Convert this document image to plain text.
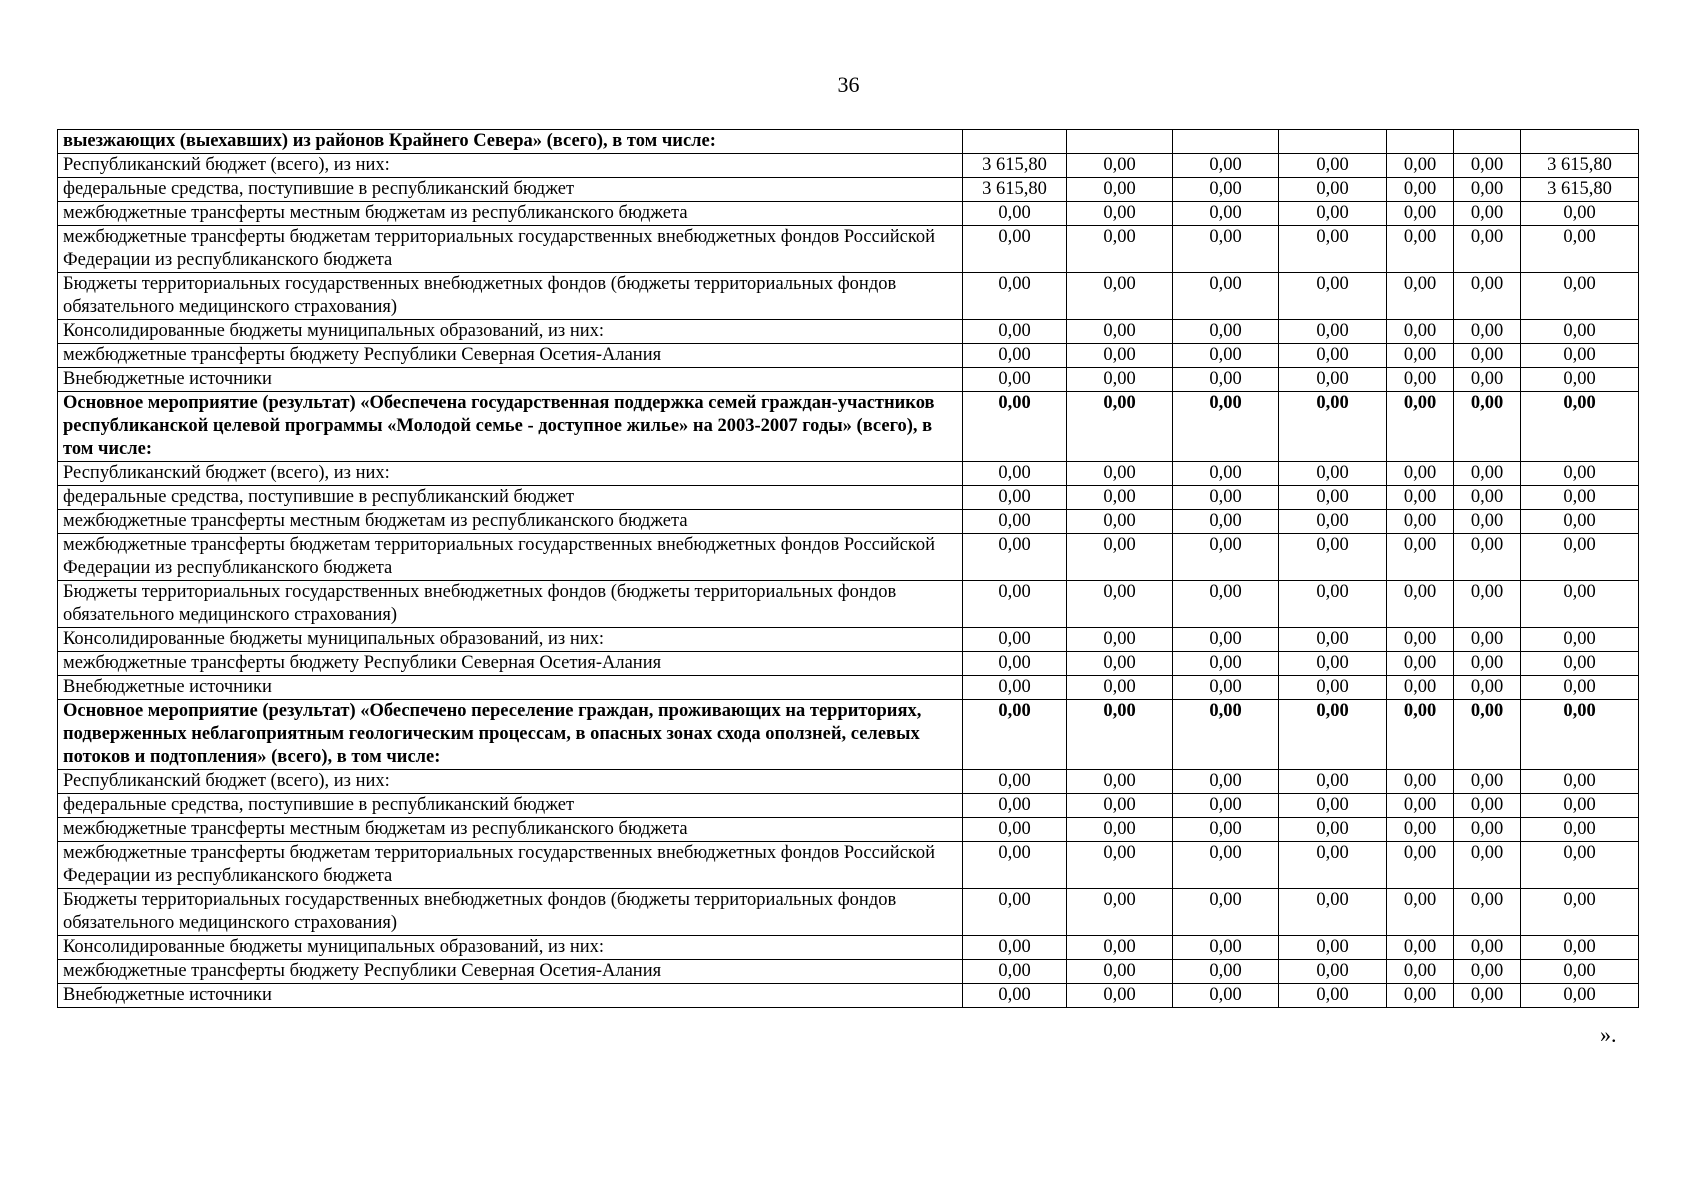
36
выезжающих (выехавших) из районов Крайнего Севера» (всего), в том числе:							
Республиканский бюджет (всего), из них:	3 615,80	0,00	0,00	0,00	0,00	0,00	3 615,80
федеральные средства, поступившие в республиканский бюджет	3 615,80	0,00	0,00	0,00	0,00	0,00	3 615,80
межбюджетные трансферты местным бюджетам из республиканского бюджета	0,00	0,00	0,00	0,00	0,00	0,00	0,00
межбюджетные трансферты бюджетам территориальных государственных внебюджетных фондов Российской Федерации из республиканского бюджета	0,00	0,00	0,00	0,00	0,00	0,00	0,00
Бюджеты территориальных государственных внебюджетных фондов (бюджеты территориальных фондов обязательного медицинского страхования)	0,00	0,00	0,00	0,00	0,00	0,00	0,00
Консолидированные бюджеты муниципальных образований, из них:	0,00	0,00	0,00	0,00	0,00	0,00	0,00
межбюджетные трансферты бюджету Республики Северная Осетия-Алания	0,00	0,00	0,00	0,00	0,00	0,00	0,00
Внебюджетные источники	0,00	0,00	0,00	0,00	0,00	0,00	0,00
Основное мероприятие (результат) «Обеспечена государственная поддержка семей граждан-участников республиканской целевой программы «Молодой семье - доступное жилье» на 2003-2007 годы» (всего), в том числе:	0,00	0,00	0,00	0,00	0,00	0,00	0,00
Республиканский бюджет (всего), из них:	0,00	0,00	0,00	0,00	0,00	0,00	0,00
федеральные средства, поступившие в республиканский бюджет	0,00	0,00	0,00	0,00	0,00	0,00	0,00
межбюджетные трансферты местным бюджетам из республиканского бюджета	0,00	0,00	0,00	0,00	0,00	0,00	0,00
межбюджетные трансферты бюджетам территориальных государственных внебюджетных фондов Российской Федерации из республиканского бюджета	0,00	0,00	0,00	0,00	0,00	0,00	0,00
Бюджеты территориальных государственных внебюджетных фондов (бюджеты территориальных фондов обязательного медицинского страхования)	0,00	0,00	0,00	0,00	0,00	0,00	0,00
Консолидированные бюджеты муниципальных образований, из них:	0,00	0,00	0,00	0,00	0,00	0,00	0,00
межбюджетные трансферты бюджету Республики Северная Осетия-Алания	0,00	0,00	0,00	0,00	0,00	0,00	0,00
Внебюджетные источники	0,00	0,00	0,00	0,00	0,00	0,00	0,00
Основное мероприятие (результат) «Обеспечено переселение граждан, проживающих на территориях, подверженных неблагоприятным геологическим процессам, в опасных зонах схода оползней, селевых потоков и подтопления» (всего), в том числе:	0,00	0,00	0,00	0,00	0,00	0,00	0,00
Республиканский бюджет (всего), из них:	0,00	0,00	0,00	0,00	0,00	0,00	0,00
федеральные средства, поступившие в республиканский бюджет	0,00	0,00	0,00	0,00	0,00	0,00	0,00
межбюджетные трансферты местным бюджетам из республиканского бюджета	0,00	0,00	0,00	0,00	0,00	0,00	0,00
межбюджетные трансферты бюджетам территориальных государственных внебюджетных фондов Российской Федерации из республиканского бюджета	0,00	0,00	0,00	0,00	0,00	0,00	0,00
Бюджеты территориальных государственных внебюджетных фондов (бюджеты территориальных фондов обязательного медицинского страхования)	0,00	0,00	0,00	0,00	0,00	0,00	0,00
Консолидированные бюджеты муниципальных образований, из них:	0,00	0,00	0,00	0,00	0,00	0,00	0,00
межбюджетные трансферты бюджету Республики Северная Осетия-Алания	0,00	0,00	0,00	0,00	0,00	0,00	0,00
Внебюджетные источники	0,00	0,00	0,00	0,00	0,00	0,00	0,00
».
